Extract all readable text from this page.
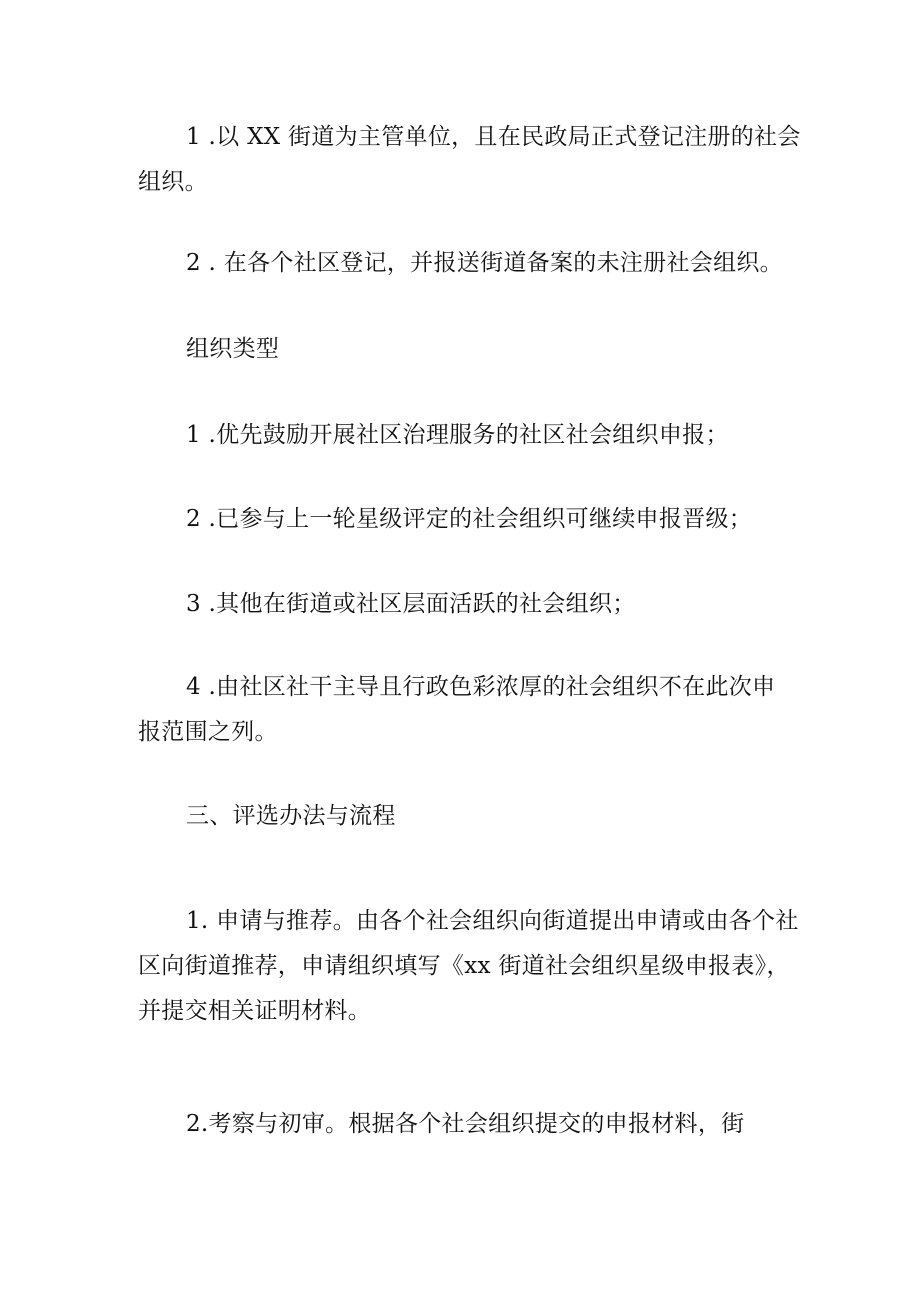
1 .以 XX 街道为主管单位，且在民政局正式登记注册的社会
组织。

2 . 在各个社区登记，并报送街道备案的未注册社会组织。

组织类型

1 .优先鼓励开展社区治理服务的社区社会组织申报；

2 .已参与上一轮星级评定的社会组织可继续申报晋级；

3 .其他在街道或社区层面活跃的社会组织；

4 .由社区社干主导且行政色彩浓厚的社会组织不在此次申
报范围之列。

三、评选办法与流程

1. 申请与推荐。由各个社会组织向街道提出申请或由各个社
区向街道推荐，申请组织填写《xx 街道社会组织星级申报表》，
并提交相关证明材料。

2.考察与初审。根据各个社会组织提交的申报材料，街
